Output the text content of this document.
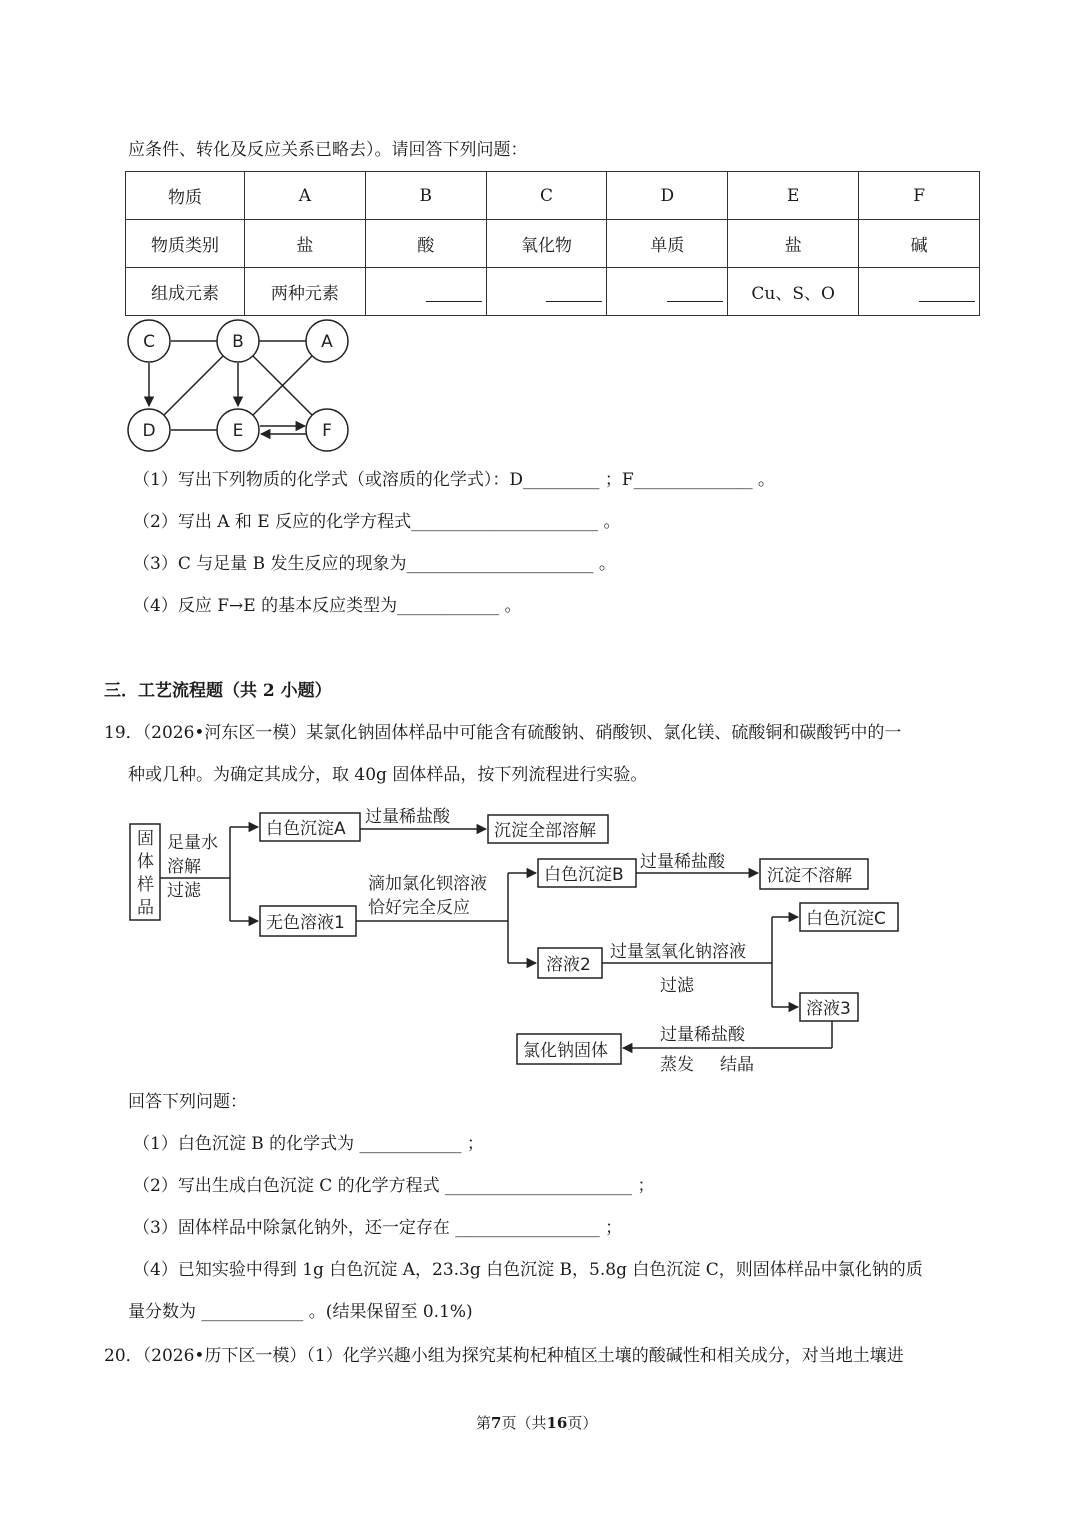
应条件、转化及反应关系已略去）。请回答下列问题：
物质	A	B	C	D	E	F
物质类别	盐	酸	氧化物	单质	盐	碱
组成元素	两种元素				Cu、S、O	
C	B	A
D	E	F
（1）写出下列物质的化学式（或溶质的化学式）：D_________ ；F______________ 。
（2）写出 A 和 E 反应的化学方程式______________________ 。
（3）C 与足量 B 发生反应的现象为______________________ 。
（4）反应 F→E 的基本反应类型为____________ 。
三．工艺流程题（共 2 小题）
19．（2026•河东区一模）某氯化钠固体样品中可能含有硫酸钠、硝酸钡、氯化镁、硫酸铜和碳酸钙中的一
种或几种。为确定其成分，取 40g 固体样品，按下列流程进行实验。
固
体
样
品
足量水
溶解
过滤
白色沉淀A
过量稀盐酸
沉淀全部溶解
无色溶液1
滴加氯化钡溶液
恰好完全反应
白色沉淀B
过量稀盐酸
沉淀不溶解
溶液2
过量氢氧化钠溶液
过滤
白色沉淀C
溶液3
氯化钠固体
过量稀盐酸
蒸发 结晶
回答下列问题：
（1）白色沉淀 B 的化学式为 ____________ ；
（2）写出生成白色沉淀 C 的化学方程式 ______________________ ；
（3）固体样品中除氯化钠外，还一定存在 _________________ ；
（4）已知实验中得到 1g 白色沉淀 A，23.3g 白色沉淀 B，5.8g 白色沉淀 C，则固体样品中氯化钠的质
量分数为 ____________ 。(结果保留至 0.1%)
20．（2026•历下区一模）（1）化学兴趣小组为探究某枸杞种植区土壤的酸碱性和相关成分，对当地土壤进
第7页（共16页）
